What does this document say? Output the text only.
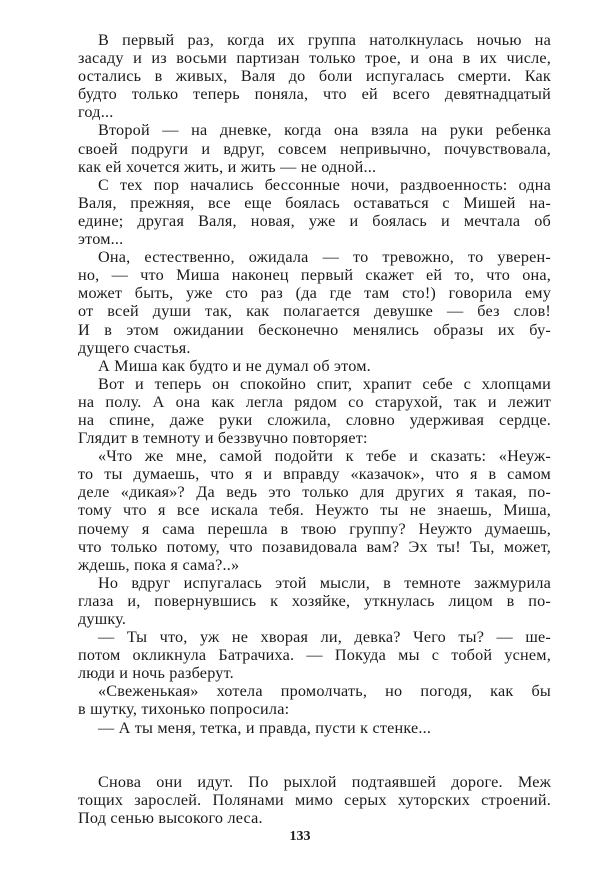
В первый раз, когда их группа натолкнулась ночью на
засаду и из восьми партизан только трое, и она в их числе,
остались в живых, Валя до боли испугалась смерти. Как
будто только теперь поняла, что ей всего девятнадцатый
год...
Второй — на дневке, когда она взяла на руки ребенка
своей подруги и вдруг, совсем непривычно, почувствовала,
как ей хочется жить, и жить — не одной...
С тех пор начались бессонные ночи, раздвоенность: одна
Валя, прежняя, все еще боялась оставаться с Мишей на-
едине; другая Валя, новая, уже и боялась и мечтала об
этом...
Она, естественно, ожидала — то тревожно, то уверен-
но, — что Миша наконец первый скажет ей то, что она,
может быть, уже сто раз (да где там сто!) говорила ему
от всей души так, как полагается девушке — без слов!
И в этом ожидании бесконечно менялись образы их бу-
дущего счастья.
А Миша как будто и не думал об этом.
Вот и теперь он спокойно спит, храпит себе с хлопцами
на полу. А она как легла рядом со старухой, так и лежит
на спине, даже руки сложила, словно удерживая сердце.
Глядит в темноту и беззвучно повторяет:
«Что же мне, самой подойти к тебе и сказать: «Неуж-
то ты думаешь, что я и вправду «казачок», что я в самом
деле «дикая»? Да ведь это только для других я такая, по-
тому что я все искала тебя. Неужто ты не знаешь, Миша,
почему я сама перешла в твою группу? Неужто думаешь,
что только потому, что позавидовала вам? Эх ты! Ты, может,
ждешь, пока я сама?..»
Но вдруг испугалась этой мысли, в темноте зажмурила
глаза и, повернувшись к хозяйке, уткнулась лицом в по-
душку.
— Ты что, уж не хворая ли, девка? Чего ты? — ше-
потом окликнула Батрачиха. — Покуда мы с тобой уснем,
люди и ночь разберут.
«Свеженькая» хотела промолчать, но погодя, как бы
в шутку, тихонько попросила:
— А ты меня, тетка, и правда, пусти к стенке...
Снова они идут. По рыхлой подтаявшей дороге. Меж
тощих зарослей. Полянами мимо серых хуторских строений.
Под сенью высокого леса.
133
